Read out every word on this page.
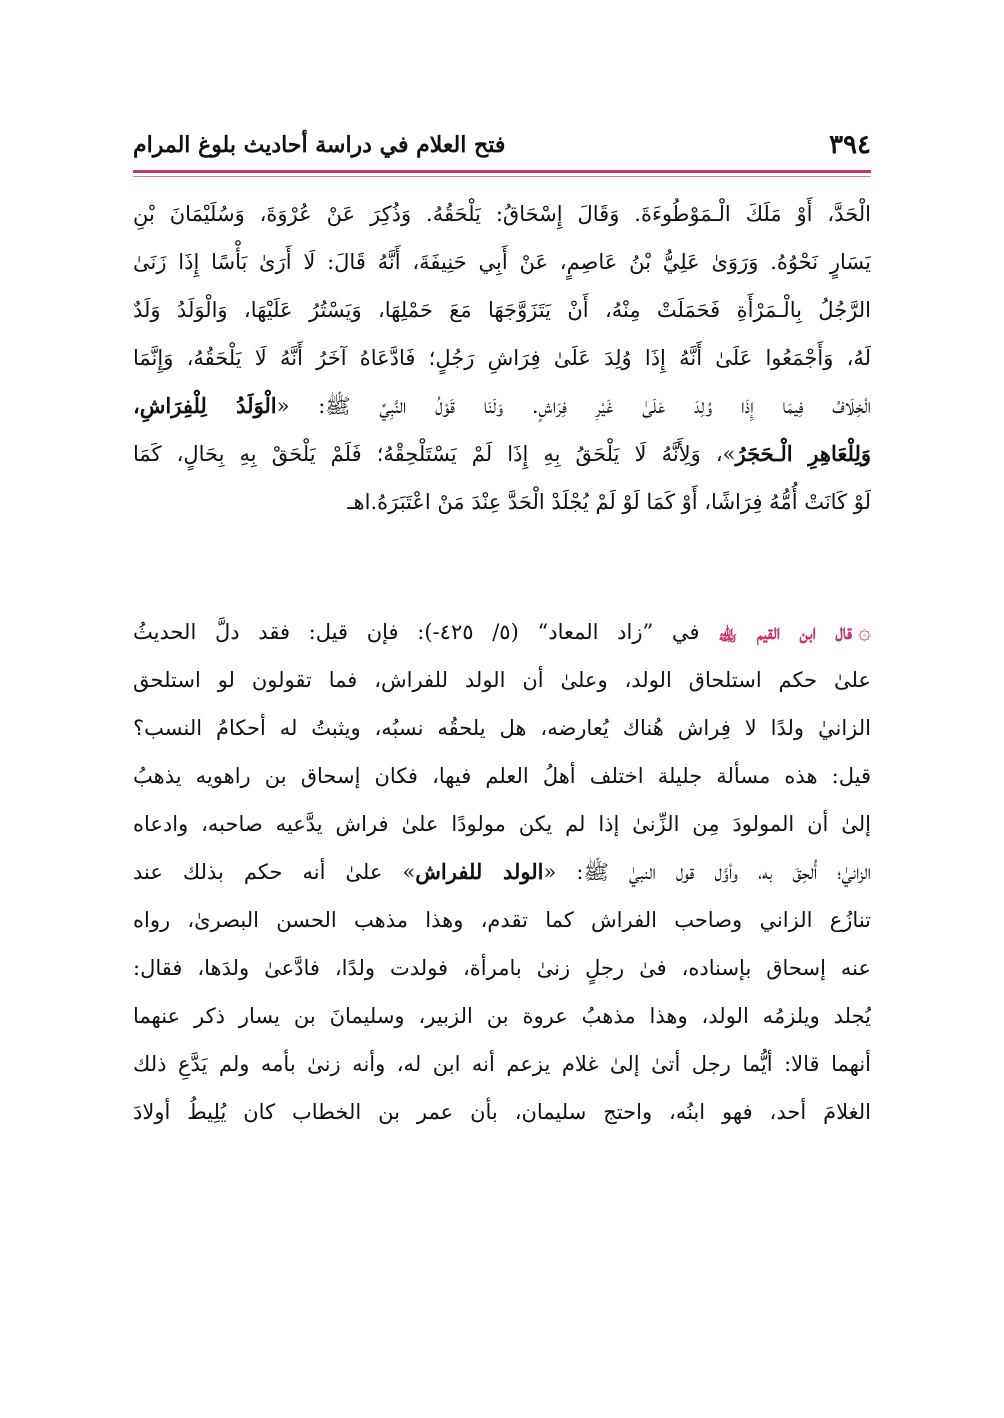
٣٩٤
فتح العلام في دراسة أحاديث بلوغ المرام
الْحَدَّ، أَوْ مَلَكَ الْـمَوْطُوءَةَ. وَقَالَ إِسْحَاقُ: يَلْحَقُهُ. وَذُكِرَ عَنْ عُرْوَةَ، وَسُلَيْمَانَ بْنِ
يَسَارٍ نَحْوُهُ. وَرَوَىٰ عَلِيُّ بْنُ عَاصِمٍ، عَنْ أَبِي حَنِيفَةَ، أَنَّهُ قَالَ: لَا أَرَىٰ بَأْسًا إِذَا زَنَىٰ
الرَّجُلُ بِالْـمَرْأَةِ فَحَمَلَتْ مِنْهُ، أَنْ يَتَزَوَّجَهَا مَعَ حَمْلِهَا، وَيَسْتُرُ عَلَيْهَا، وَالْوَلَدُ وَلَدٌ
لَهُ، وَأَجْمَعُوا عَلَىٰ أَنَّهُ إِذَا وُلِدَ عَلَىٰ فِرَاشِ رَجُلٍ؛ فَادَّعَاهُ آخَرُ أَنَّهُ لَا يَلْحَقُهُ، وَإِنَّمَا
الْخِلَافُ فِيمَا إِذَا وُلِدَ عَلَىٰ غَيْرِ فِرَاشٍ. وَلَنَا قَوْلُ النَّبِيِّ ﷺ: «الْوَلَدُ لِلْفِرَاشِ،
وَلِلْعَاهِرِ الْـحَجَرُ»، وَلِأَنَّهُ لَا يَلْحَقُ بِهِ إِذَا لَمْ يَسْتَلْحِقْهُ؛ فَلَمْ يَلْحَقْ بِهِ بِحَالٍ، كَمَا
لَوْ كَانَتْ أُمُّهُ فِرَاشًا، أَوْ كَمَا لَوْ لَمْ يُجْلَدْ الْحَدَّ عِنْدَ مَنْ اعْتَبَرَهُ.اهـ
۞قال ابن القيم ﵀ في ”زاد المعاد“ (٥/ ٤٢٥-): فإن قيل: فقد دلَّ الحديثُ
علىٰ حكم استلحاق الولد، وعلىٰ أن الولد للفراش، فما تقولون لو استلحق
الزانيٰ ولدًا لا فِراش هُناك يُعارضه، هل يلحقُه نسبُه، ويثبتُ له أحكامُ النسب؟
قيل: هذه مسألة جليلة اختلف أهلُ العلم فيها، فكان إسحاق بن راهويه يذهبُ
إلىٰ أن المولودَ مِن الزِّنىٰ إذا لم يكن مولودًا علىٰ فراش يدَّعيه صاحبه، وادعاه
الزانيٰ؛ أُلحِقَ به، وأوَّل قول النبيٰ ﷺ: «الولد للفراش» علىٰ أنه حكم بذلك عند
تنازُع الزاني وصاحب الفراش كما تقدم، وهذا مذهب الحسن البصرىٰ، رواه
عنه إسحاق بإسناده، فىٰ رجلٍ زنىٰ بامرأة، فولدت ولدًا، فادَّعىٰ ولدَها، فقال:
يُجلد ويلزمُه الولد، وهذا مذهبُ عروة بن الزبير، وسليمانَ بن يسار ذكر عنهما
أنهما قالا: أيُّما رجل أتىٰ إلىٰ غلام يزعم أنه ابن له، وأنه زنىٰ بأمه ولم يَدَّعِ ذلك
الغلامَ أحد، فهو ابنُه، واحتج سليمان، بأن عمر بن الخطاب كان يُلِيطُ أولادَ
